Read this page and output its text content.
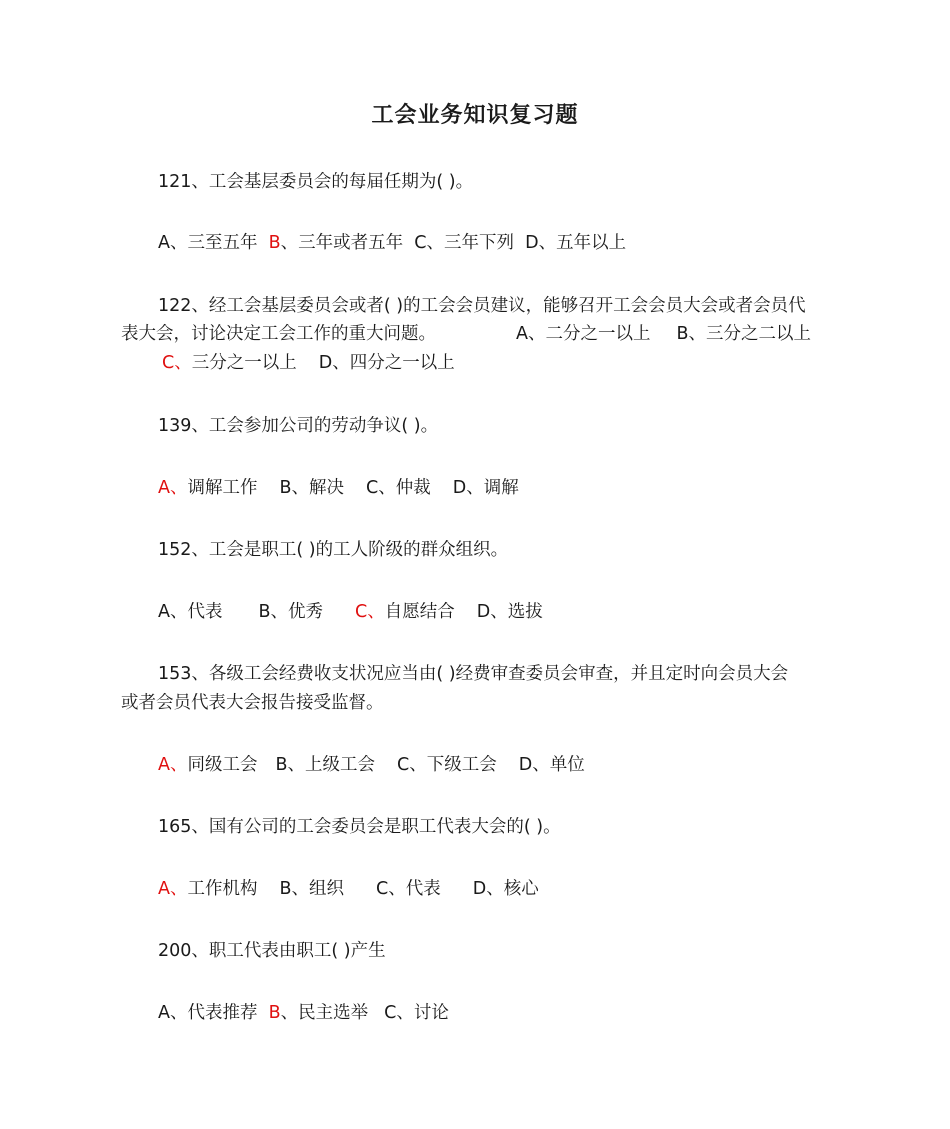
工会业务知识复习题
121、工会基层委员会的每届任期为( )。
A、三至五年 B、三年或者五年 C、三年下列 D、五年以上
122、经工会基层委员会或者( )的工会会员建议，能够召开工会会员大会或者会员代
表大会，讨论决定工会工作的重大问题。	A、二分之一以上 B、三分之二以上
C、三分之一以上 D、四分之一以上
139、工会参加公司的劳动争议( )。
A、调解工作 B、解决 C、仲裁 D、调解
152、工会是职工( )的工人阶级的群众组织。
A、代表 B、优秀 C、自愿结合 D、选拔
153、各级工会经费收支状况应当由( )经费审查委员会审查，并且定时向会员大会
或者会员代表大会报告接受监督。
A、同级工会 B、上级工会 C、下级工会 D、单位
165、国有公司的工会委员会是职工代表大会的( )。
A、工作机构 B、组织 C、代表 D、核心
200、职工代表由职工( )产生
A、代表推荐 B、民主选举 C、讨论
